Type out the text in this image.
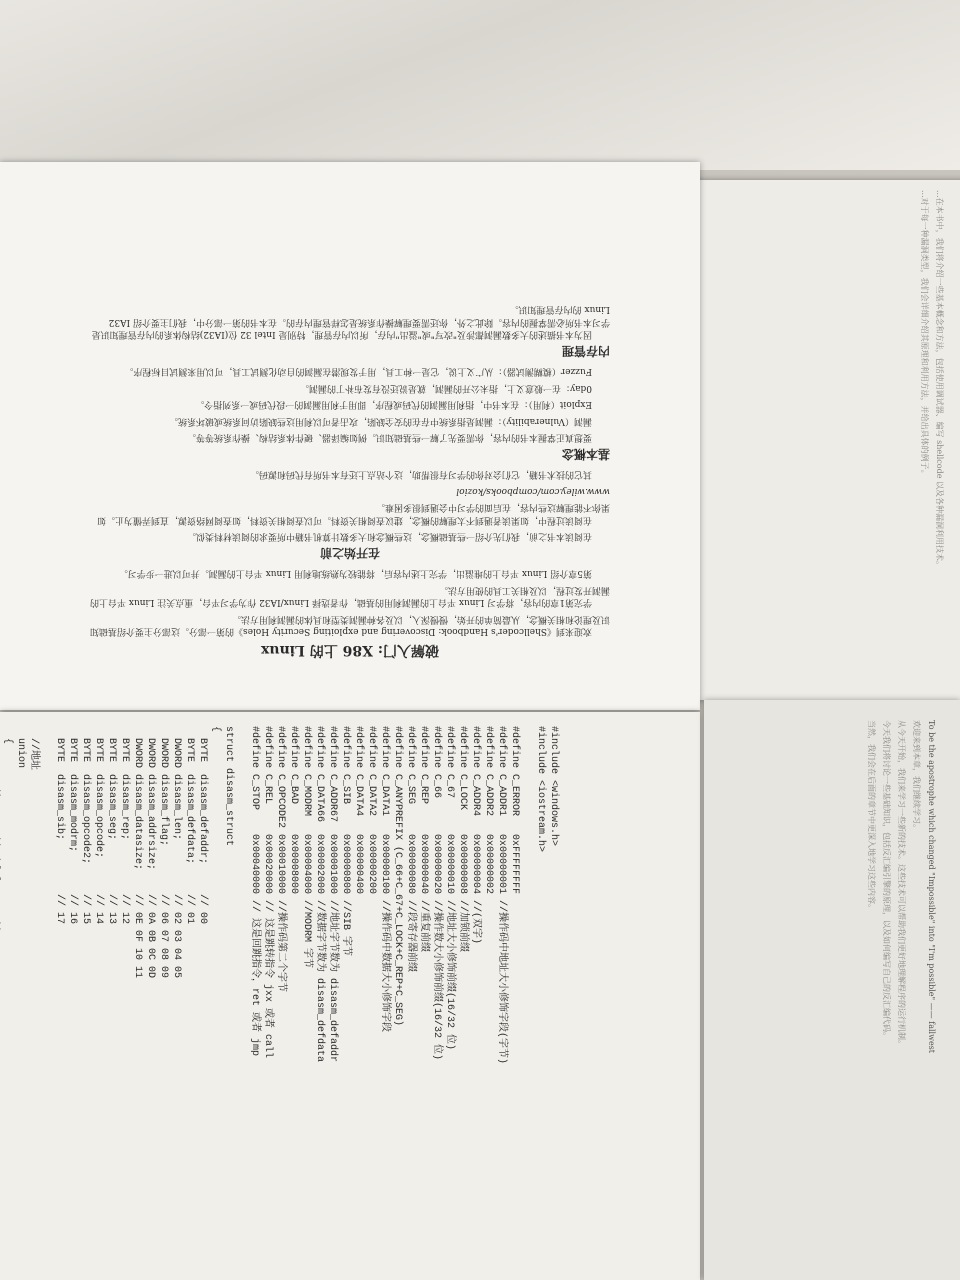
...在本书中，我们将介绍一些基本概念和方法，包括使用调试器、编写 shellcode 以及各种漏洞利用技术。

...对于每一种漏洞类型，我们会详细介绍其原理和利用方法，并给出具体的例子。

破解入门: X86 上的 Linux

欢迎来到《Shellcoder's Handbook: Discovering and exploiting Security Holes》的第一部分。这部分主要介绍基础知识及理论和相关概念，从最简单的开始，慢慢深入，以及各种漏洞类型和具体的漏洞利用方法。

学完第1章的内容，将学习 Linux 平台上的漏洞利用的基础，作者选择 Linux/IA32 作为学习平台，重点关注 Linux 平台上的漏洞开发过程，以及相关工具的使用方法。

第5章介绍 Linux 平台上的堆溢出，学完上述内容后，将能较为熟练地利用 Linux 平台上的漏洞。并可以进一步学习。

在开始之前

在阅读本书之前，我们先介绍一些基础概念，这些概念和大多数计算机书籍中所要求的阅读材料类似。

在阅读过程中，如果读者遇到不太理解的概念，建议查阅相关资料。可以查阅相关资料，如查阅网络资源，直到弄懂为止。如果你不能理解这些内容，在后面的学习中会遇到很多困难。

www.wiley.com/compbooks/koziol

其它的技术书籍，它们会对你的学习有很帮助，这个站点上还有本书所有代码和源码。

基本概念

要想真正掌握本书的内容，你需要先了解一些基础知识。例如编译器、硬件体系结构、操作系统等等。

漏洞（Vulnerability）：漏洞是指系统中存在的安全缺陷，攻击者可以利用这些缺陷访问系统或破坏系统。

Exploit（利用）：在本书中，指利用漏洞的代码或程序，即用于利用漏洞的一段代码或一系列指令。

0day：在一般意义上，指未公开的漏洞，就是说还没有发布补丁的漏洞。

Fuzzer（模糊测试器）：从广义上说，它是一种工具，用于发现潜在漏洞的自动化测试工具，可以用来测试目标程序。

内存管理

因为本书描述的大多数漏洞都涉及"改写"或"溢出"内存，所以内存管理，特别是 Intel 32 位(IA32)结构体系的内存管理知识是学习本书所必需掌握的内容。除此之外，你还需要理解操作系统是怎样管理内存的。在本书的第一部分中，我们主要介绍 IA32 Linux 的内存管理知识。

#include <windows.h>
#include <iostream.h>

#define C_ERROR   0xFFFFFFFF
#define C_ADDR1   0x00000001 //操作码中地址大小修饰字段(字节)
#define C_ADDR2   0x00000002
#define C_ADDR4   0x00000004 //(双字)
#define C_LOCK    0x00000008 //加锁前缀
#define C_67      0x00000010 //地址大小修饰前缀(16/32 位)
#define C_66      0x00000020 //操作数大小修饰前缀(16/32 位)
#define C_REP     0x00000040 //重复前缀
#define C_SEG     0x00000080 //段寄存器前缀
#define C_ANYPREFIX (C_66+C_67+C_LOCK+C_REP+C_SEG)
#define C_DATA1   0x00000100 //操作码中数据大小修饰字段
#define C_DATA2   0x00000200
#define C_DATA4   0x00000400
#define C_SIB     0x00000800 //SIB 字节
#define C_ADDR67  0x00001000 //地址字节数为 disasm_defaddr
#define C_DATA66  0x00002000 //数据字节数为 disasm_defdata
#define C_MODRM   0x00004000 //MODRM 字节
#define C_BAD     0x00008000
#define C_OPCODE2 0x00010000 //操作码第二个字节
#define C_REL     0x00020000 // 这是跳转指令 jxx 或者 call
#define C_STOP    0x00040000 // 这是回跳指令，ret 或者 jmp

struct disasm_struct
{
BYTE  disasm_defaddr;     // 00
BYTE  disasm_defdata;     // 01
DWORD disasm_len;         // 02 03 04 05
DWORD disasm_flag;        // 06 07 08 09
DWORD disasm_addrsize;    // 0A 0B 0C 0D
DWORD disasm_datasize;    // 0E 0F 10 11
BYTE  disasm_rep;         // 12
BYTE  disasm_seg;         // 13
BYTE  disasm_opcode;      // 14
BYTE  disasm_opcode2;     // 15
BYTE  disasm_modrm;       // 16
BYTE  disasm_sib;         // 17

//地址
union
{	To be the apostrophe which changed "Impossible" into "I'm possible" —— fallwest

欢迎来到本章，我们继续学习。

从今天开始，我们来学习一些新的技术。这些技术可以帮助我们更好地理解程序的运行机制。

今天我们将讨论一些基础知识，包括反汇编引擎的原理，以及如何编写自己的反汇编代码。

当然，我们会在后面的章节中更深入地学习这些内容。
